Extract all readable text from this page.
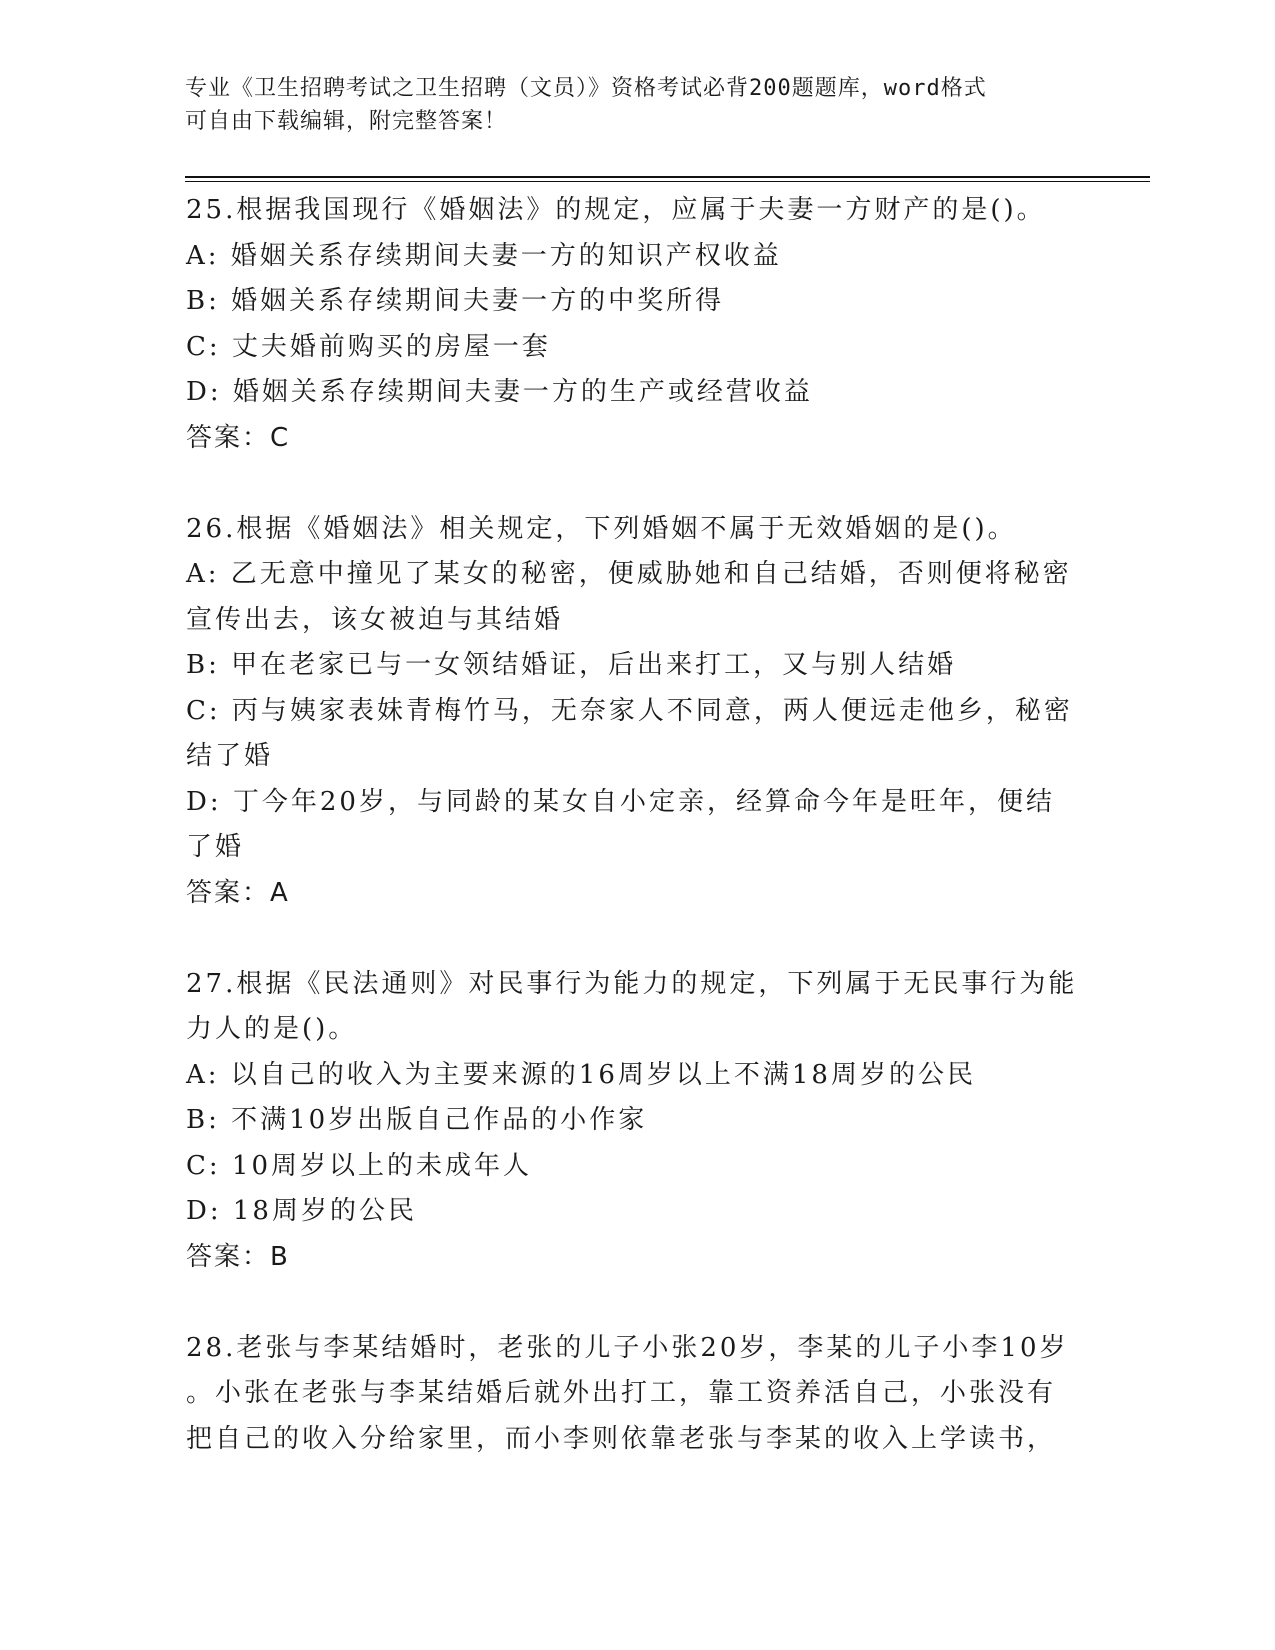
专业《卫生招聘考试之卫生招聘（文员）》资格考试必背200题题库，word格式
可自由下载编辑，附完整答案！
25.根据我国现行《婚姻法》的规定，应属于夫妻一方财产的是()。
A: 婚姻关系存续期间夫妻一方的知识产权收益
B: 婚姻关系存续期间夫妻一方的中奖所得
C: 丈夫婚前购买的房屋一套
D: 婚姻关系存续期间夫妻一方的生产或经营收益
答案：C
26.根据《婚姻法》相关规定，下列婚姻不属于无效婚姻的是()。
A: 乙无意中撞见了某女的秘密，便威胁她和自己结婚，否则便将秘密
宣传出去，该女被迫与其结婚
B: 甲在老家已与一女领结婚证，后出来打工，又与别人结婚
C: 丙与姨家表妹青梅竹马，无奈家人不同意，两人便远走他乡，秘密
结了婚
D: 丁今年20岁，与同龄的某女自小定亲，经算命今年是旺年，便结
了婚
答案：A
27.根据《民法通则》对民事行为能力的规定，下列属于无民事行为能
力人的是()。
A: 以自己的收入为主要来源的16周岁以上不满18周岁的公民
B: 不满10岁出版自己作品的小作家
C: 10周岁以上的未成年人
D: 18周岁的公民
答案：B
28.老张与李某结婚时，老张的儿子小张20岁，李某的儿子小李10岁
。小张在老张与李某结婚后就外出打工，靠工资养活自己，小张没有
把自己的收入分给家里，而小李则依靠老张与李某的收入上学读书，
